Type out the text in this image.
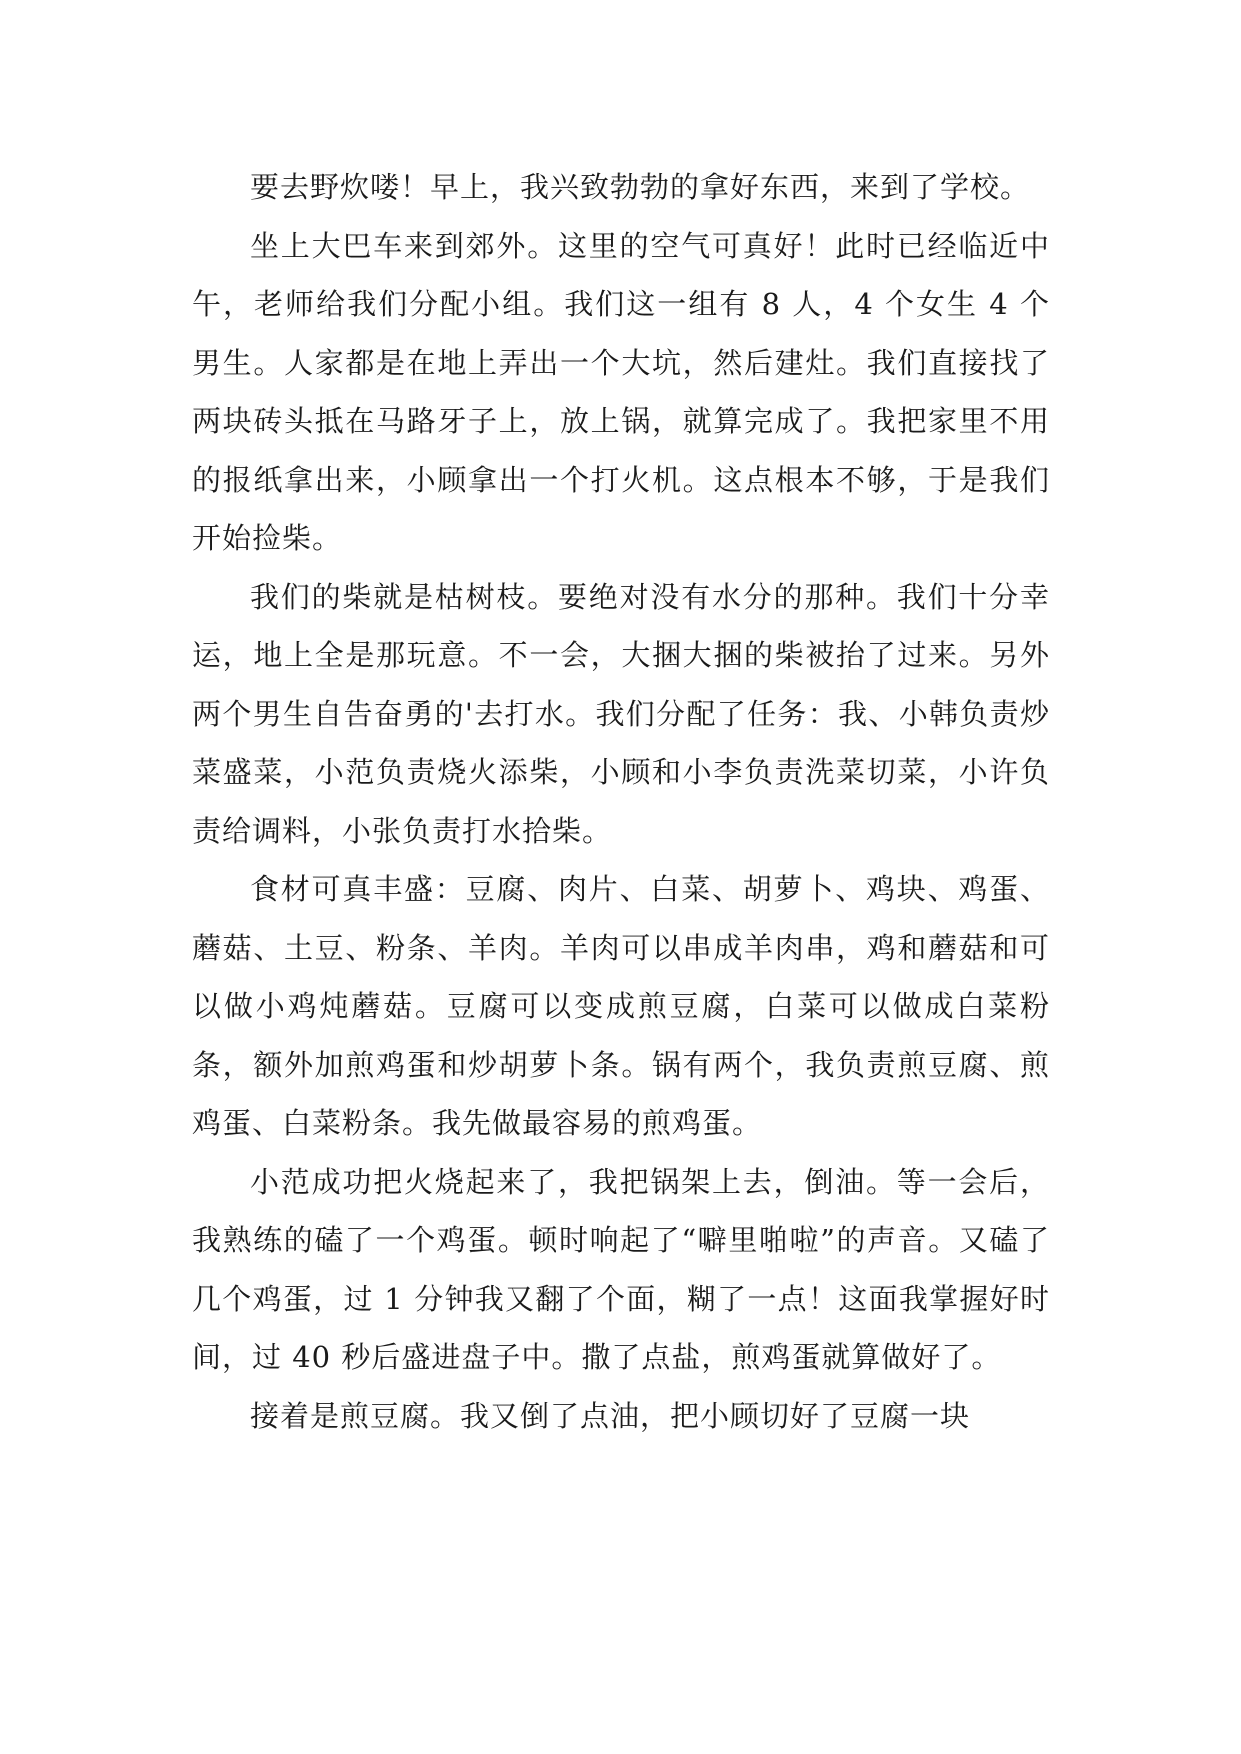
要去野炊喽！早上，我兴致勃勃的拿好东西，来到了学校。

坐上大巴车来到郊外。这里的空气可真好！此时已经临近中午，老师给我们分配小组。我们这一组有 8 人，4 个女生 4 个男生。人家都是在地上弄出一个大坑，然后建灶。我们直接找了两块砖头抵在马路牙子上，放上锅，就算完成了。我把家里不用的报纸拿出来，小顾拿出一个打火机。这点根本不够，于是我们开始捡柴。

我们的柴就是枯树枝。要绝对没有水分的那种。我们十分幸运，地上全是那玩意。不一会，大捆大捆的柴被抬了过来。另外两个男生自告奋勇的'去打水。我们分配了任务：我、小韩负责炒菜盛菜，小范负责烧火添柴，小顾和小李负责洗菜切菜，小许负责给调料，小张负责打水拾柴。

食材可真丰盛：豆腐、肉片、白菜、胡萝卜、鸡块、鸡蛋、蘑菇、土豆、粉条、羊肉。羊肉可以串成羊肉串，鸡和蘑菇和可以做小鸡炖蘑菇。豆腐可以变成煎豆腐，白菜可以做成白菜粉条，额外加煎鸡蛋和炒胡萝卜条。锅有两个，我负责煎豆腐、煎鸡蛋、白菜粉条。我先做最容易的煎鸡蛋。

小范成功把火烧起来了，我把锅架上去，倒油。等一会后，我熟练的磕了一个鸡蛋。顿时响起了“噼里啪啦”的声音。又磕了几个鸡蛋，过 1 分钟我又翻了个面，糊了一点！这面我掌握好时间，过 40 秒后盛进盘子中。撒了点盐，煎鸡蛋就算做好了。

接着是煎豆腐。我又倒了点油，把小顾切好了豆腐一块
